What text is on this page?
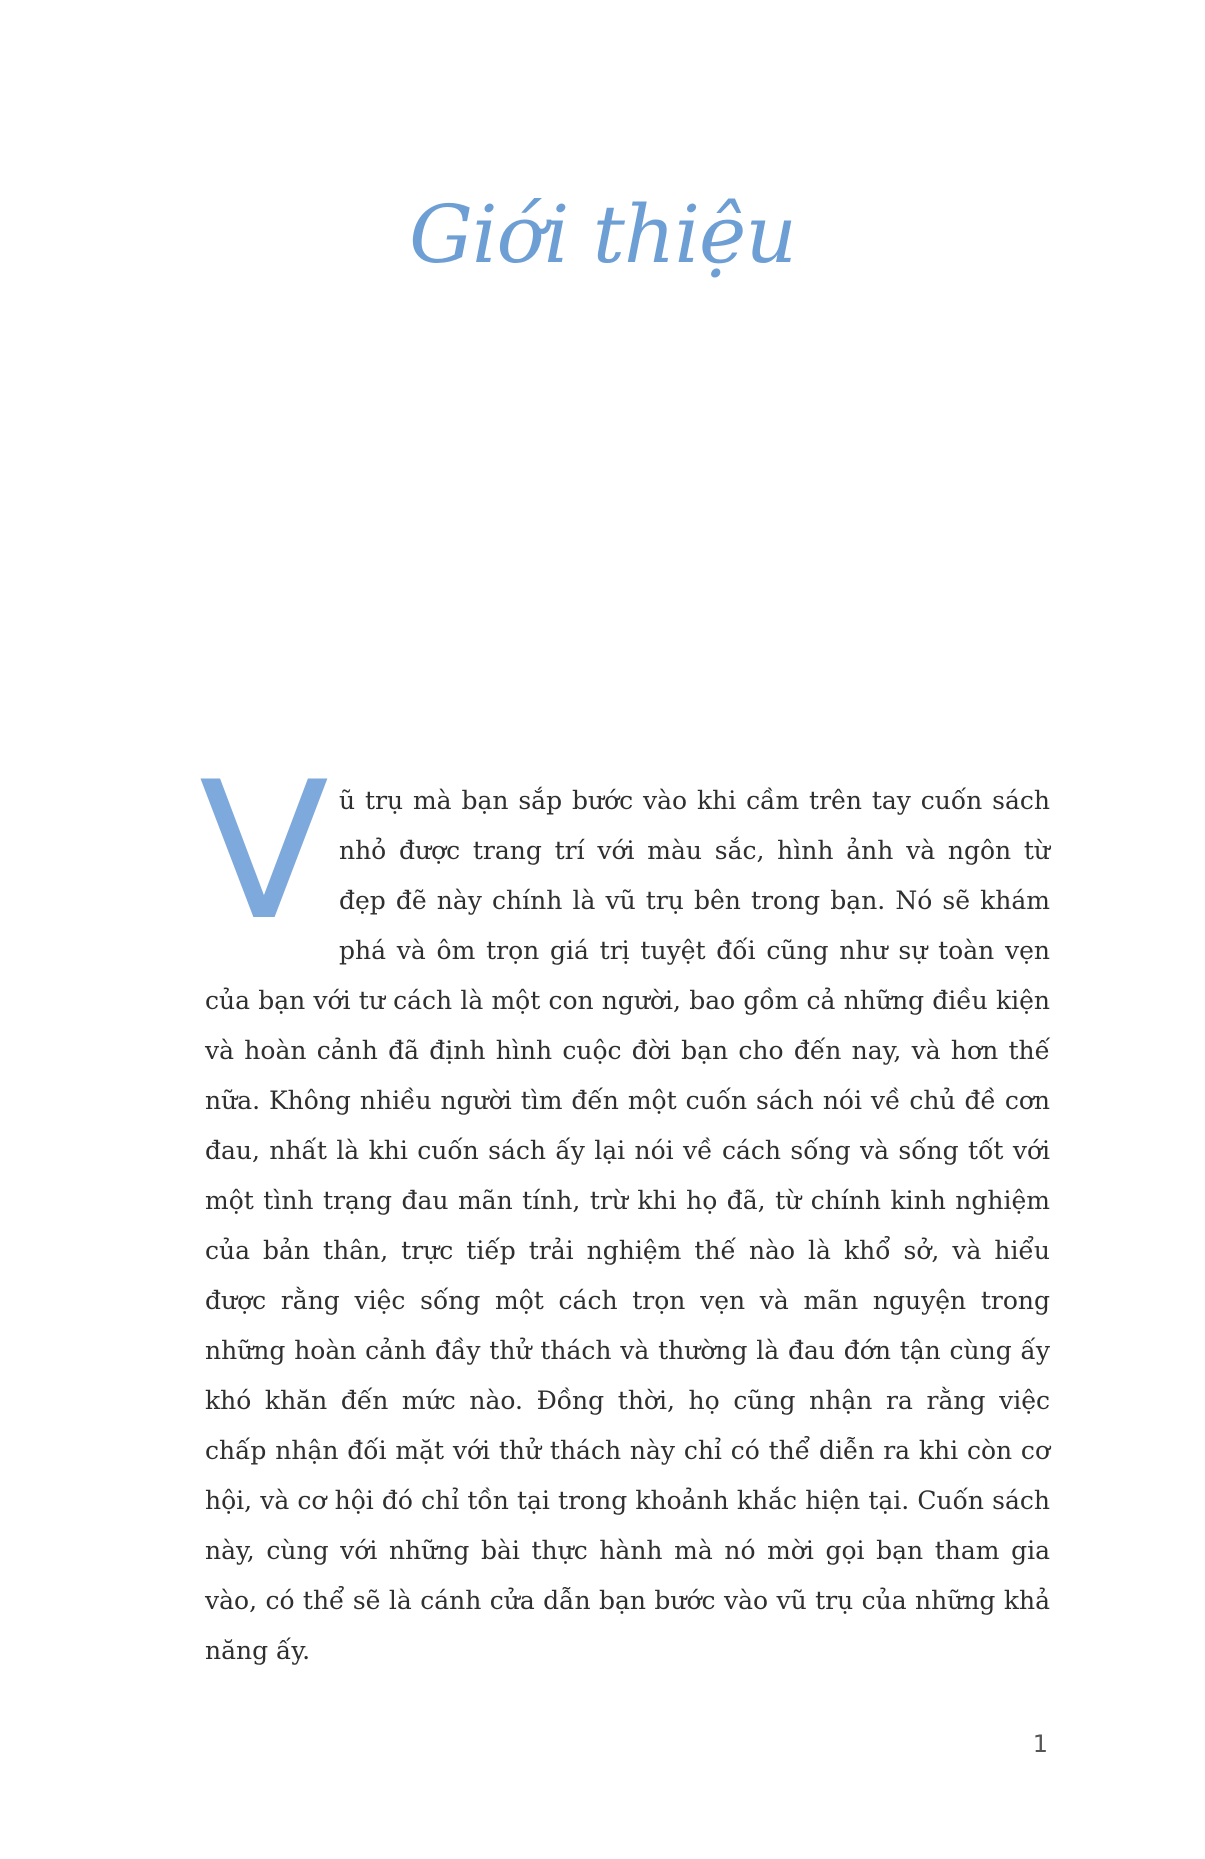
Giới thiệu

Vũ trụ mà bạn sắp bước vào khi cầm trên tay cuốn sách nhỏ được trang trí với màu sắc, hình ảnh và ngôn từ đẹp đẽ này chính là vũ trụ bên trong bạn. Nó sẽ khám phá và ôm trọn giá trị tuyệt đối cũng như sự toàn vẹn của bạn với tư cách là một con người, bao gồm cả những điều kiện và hoàn cảnh đã định hình cuộc đời bạn cho đến nay, và hơn thế nữa. Không nhiều người tìm đến một cuốn sách nói về chủ đề cơn đau, nhất là khi cuốn sách ấy lại nói về cách sống và sống tốt với một tình trạng đau mãn tính, trừ khi họ đã, từ chính kinh nghiệm của bản thân, trực tiếp trải nghiệm thế nào là khổ sở, và hiểu được rằng việc sống một cách trọn vẹn và mãn nguyện trong những hoàn cảnh đầy thử thách và thường là đau đớn tận cùng ấy khó khăn đến mức nào. Đồng thời, họ cũng nhận ra rằng việc chấp nhận đối mặt với thử thách này chỉ có thể diễn ra khi còn cơ hội, và cơ hội đó chỉ tồn tại trong khoảnh khắc hiện tại. Cuốn sách này, cùng với những bài thực hành mà nó mời gọi bạn tham gia vào, có thể sẽ là cánh cửa dẫn bạn bước vào vũ trụ của những khả năng ấy.

1
